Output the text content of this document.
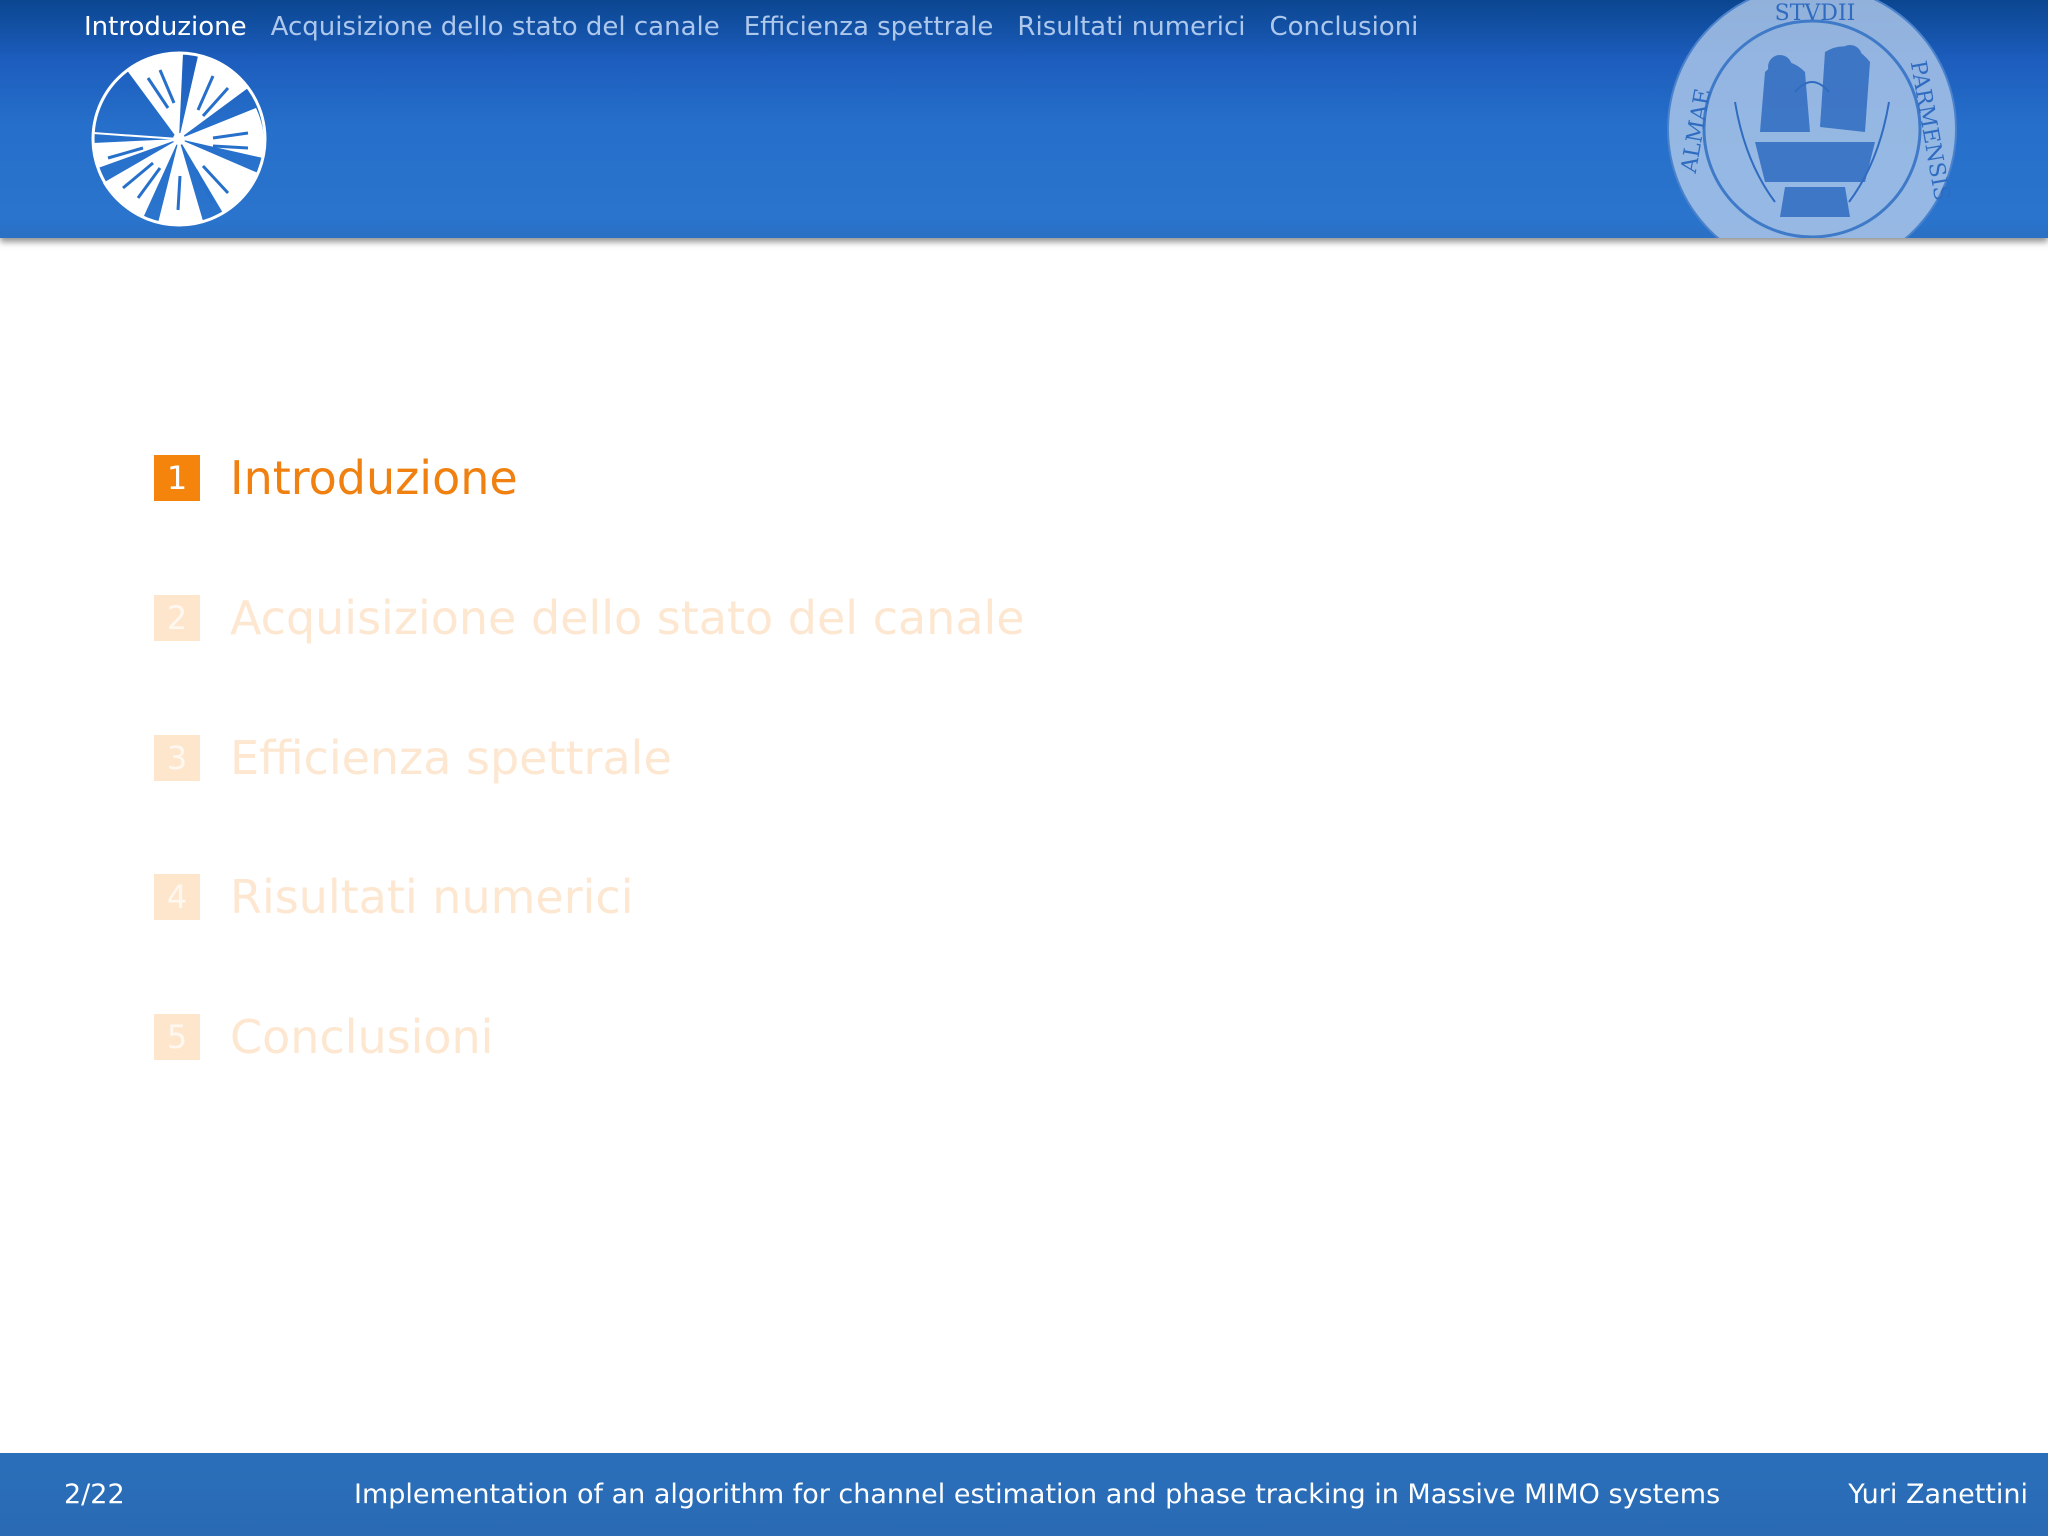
Introduzione Acquisizione dello stato del canale Efficienza spettrale Risultati numerici Conclusioni	STVDII
ALMAE	PARMENSIS
1 Introduzione
2 Acquisizione dello stato del canale
3 Efficienza spettrale
4 Risultati numerici
5 Conclusioni
2/22	Implementation of an algorithm for channel estimation and phase tracking in Massive MIMO systems	Yuri Zanettini
